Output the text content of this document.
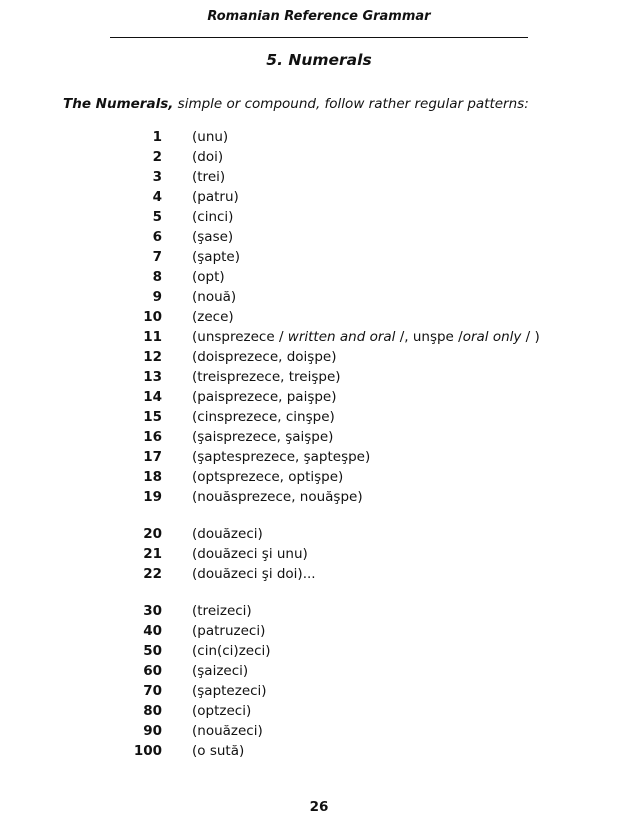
Romanian Reference Grammar
5. Numerals
The Numerals, simple or compound, follow rather regular patterns:
1 (unu)
2 (doi)
3 (trei)
4 (patru)
5 (cinci)
6 (şase)
7 (şapte)
8 (opt)
9 (nouă)
10 (zece)
11 (unsprezece / written and oral /, unşpe /oral only / )
12 (doisprezece, doişpe)
13 (treisprezece, treişpe)
14 (paisprezece, paişpe)
15 (cinsprezece, cinşpe)
16 (şaisprezece, şaişpe)
17 (şaptesprezece, şapteşpe)
18 (optsprezece, optişpe)
19 (nouăsprezece, nouăşpe)
20 (douăzeci)
21 (douăzeci şi unu)
22 (douăzeci şi doi)...
30 (treizeci)
40 (patruzeci)
50 (cin(ci)zeci)
60 (şaizeci)
70 (şaptezeci)
80 (optzeci)
90 (nouăzeci)
100 (o sută)
26
